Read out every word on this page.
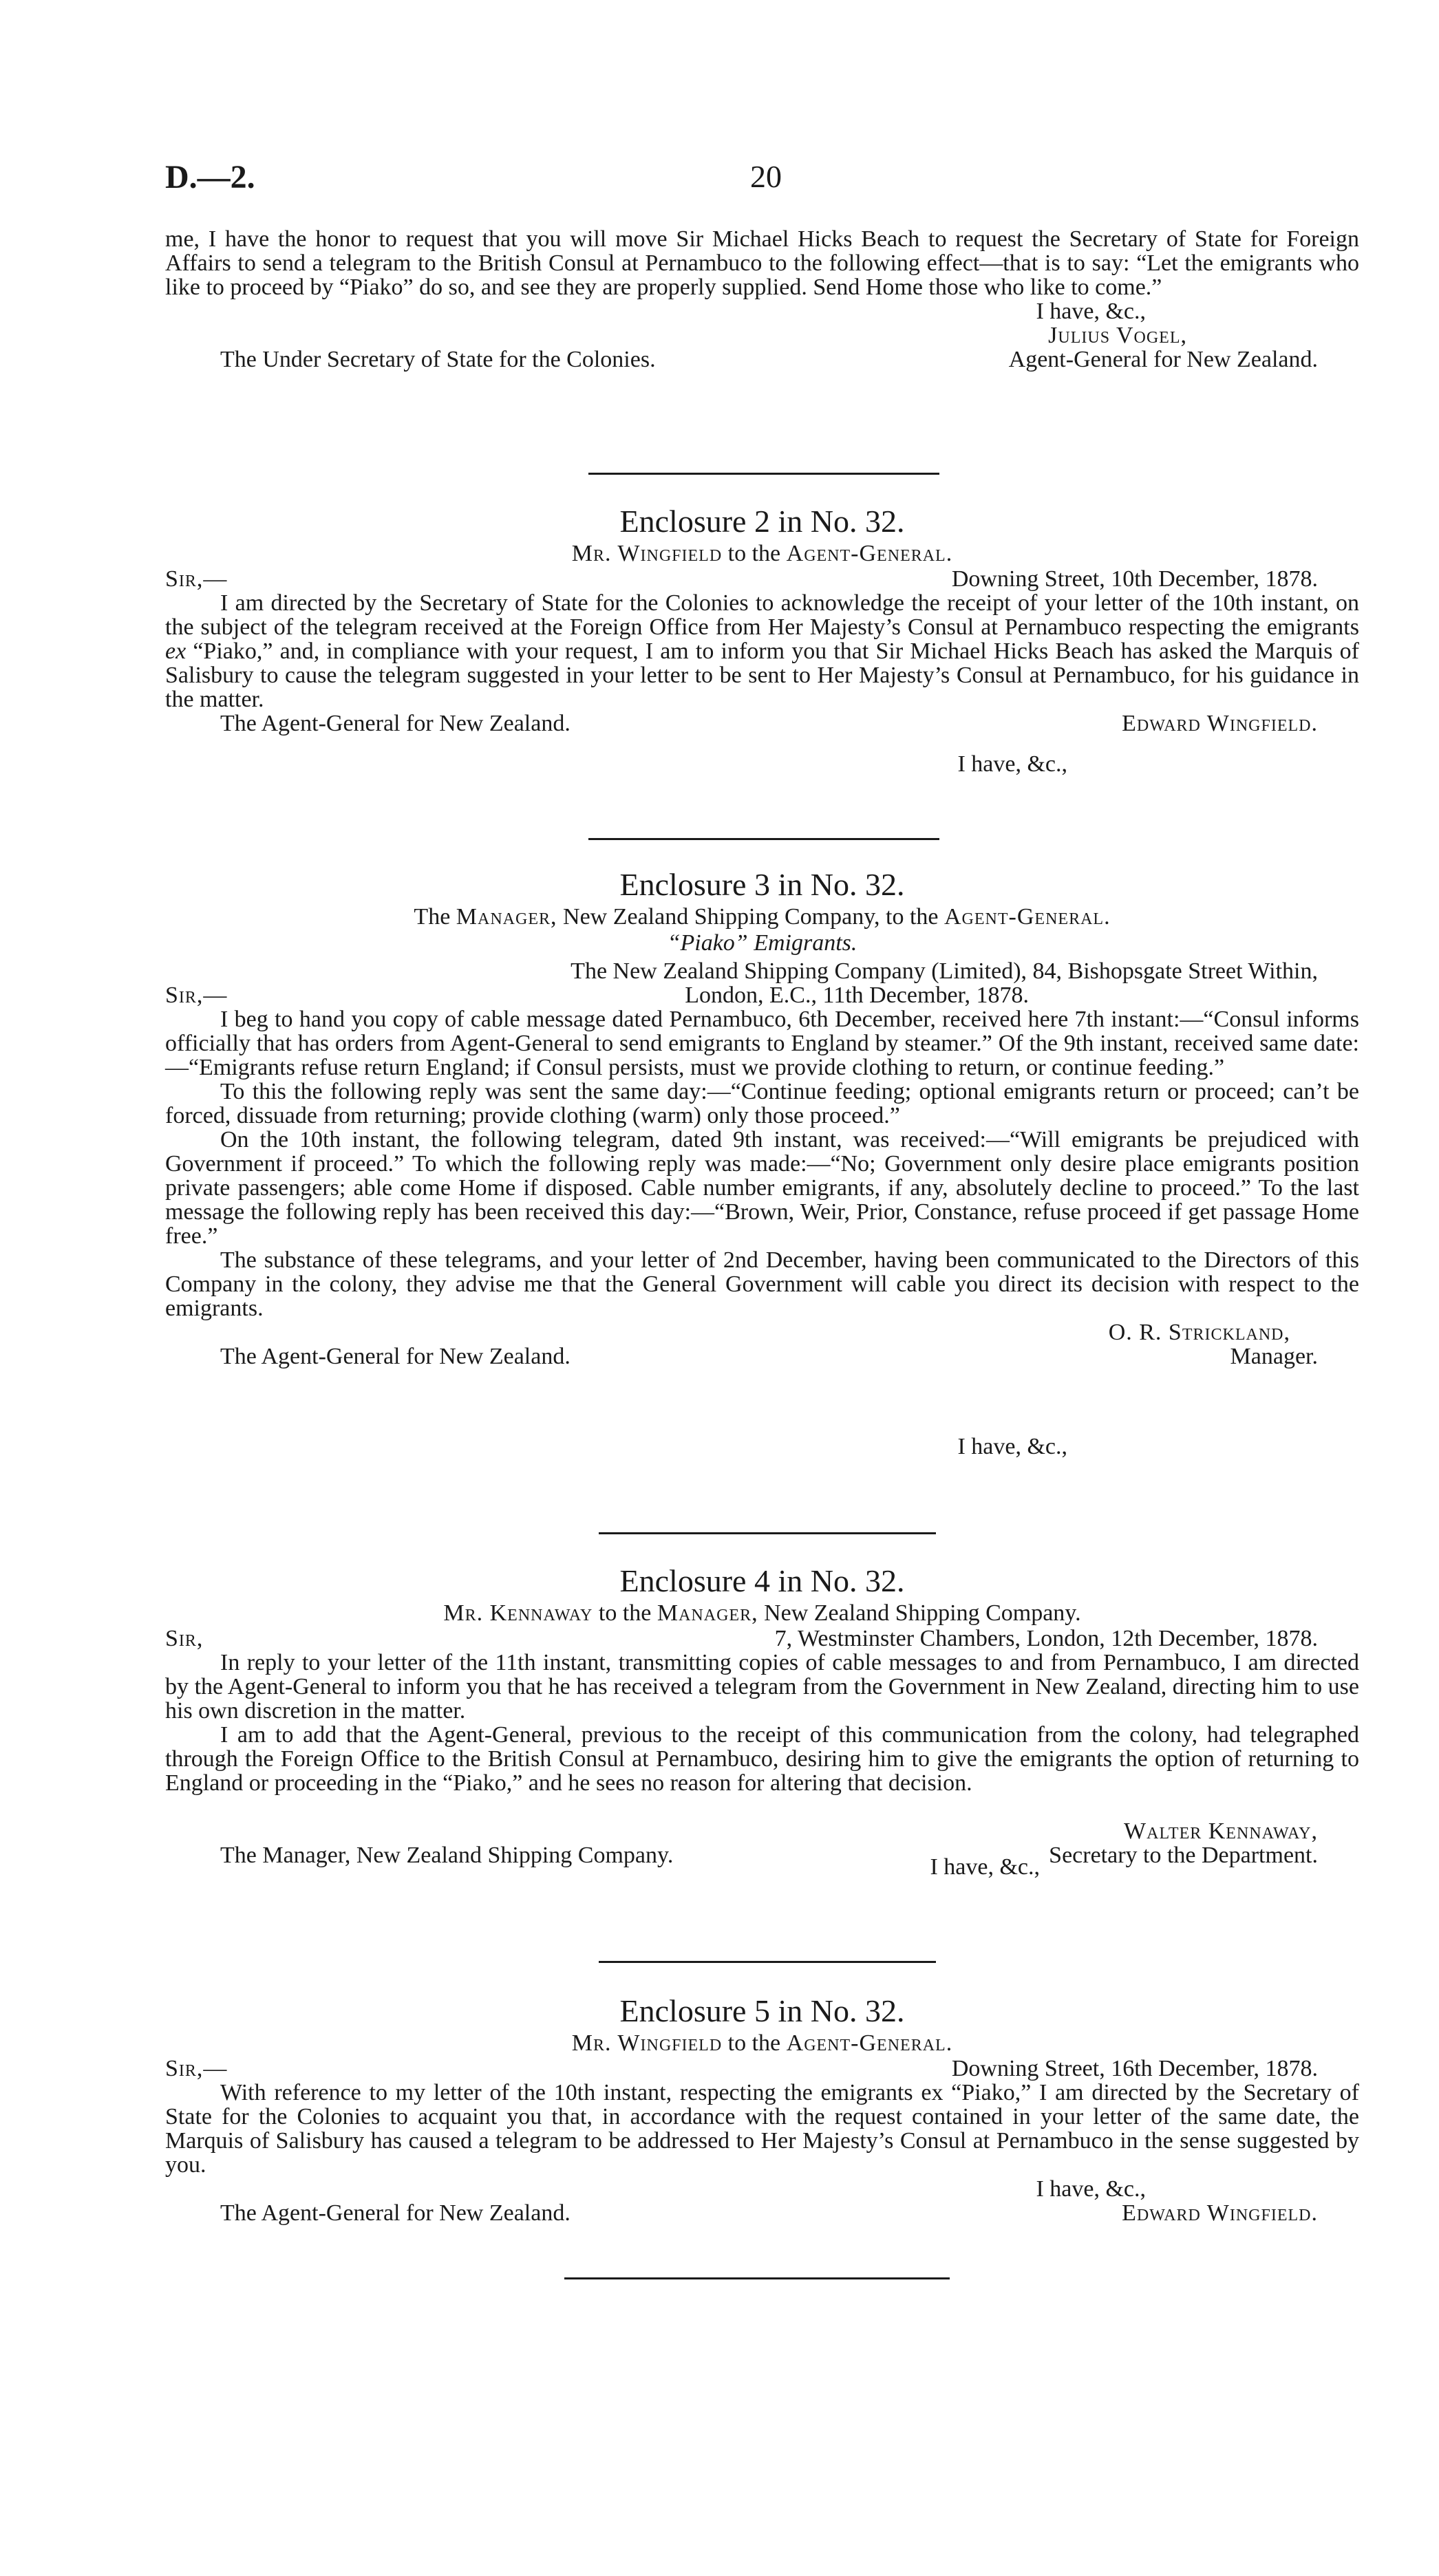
D.—2.	20

me, I have the honor to request that you will move Sir Michael Hicks Beach to request the Secretary of State for Foreign Affairs to send a telegram to the British Consul at Pernambuco to the following effect—that is to say: “Let the emigrants who like to proceed by “Piako” do so, and see they are properly supplied. Send Home those who like to come.”

I have, &c.,
Julius Vogel,
The Under Secretary of State for the Colonies.	Agent-General for New Zealand.
Enclosure 2 in No. 32.
Mr. Wingfield to the Agent-General.
Sir,—	Downing Street, 10th December, 1878.

I am directed by the Secretary of State for the Colonies to acknowledge the receipt of your letter of the 10th instant, on the subject of the telegram received at the Foreign Office from Her Majesty’s Consul at Pernambuco respecting the emigrants ex “Piako,” and, in compliance with your request, I am to inform you that Sir Michael Hicks Beach has asked the Marquis of Salisbury to cause the telegram suggested in your letter to be sent to Her Majesty’s Consul at Pernambuco, for his guidance in the matter.

The Agent-General for New Zealand.	Edward Wingfield.
I have, &c.,
Enclosure 3 in No. 32.
The Manager, New Zealand Shipping Company, to the Agent-General.
“Piako” Emigrants.
The New Zealand Shipping Company (Limited), 84, Bishopsgate Street Within,
Sir,—	London, E.C., 11th December, 1878.

I beg to hand you copy of cable message dated Pernambuco, 6th December, received here 7th instant:—“Consul informs officially that has orders from Agent-General to send emigrants to England by steamer.” Of the 9th instant, received same date:—“Emigrants refuse return England; if Consul persists, must we provide clothing to return, or continue feeding.”

To this the following reply was sent the same day:—“Continue feeding; optional emigrants return or proceed; can’t be forced, dissuade from returning; provide clothing (warm) only those proceed.”

On the 10th instant, the following telegram, dated 9th instant, was received:—“Will emigrants be prejudiced with Government if proceed.” To which the following reply was made:—“No; Government only desire place emigrants position private passengers; able come Home if disposed. Cable number emigrants, if any, absolutely decline to proceed.” To the last message the following reply has been received this day:—“Brown, Weir, Prior, Constance, refuse proceed if get passage Home free.”

The substance of these telegrams, and your letter of 2nd December, having been communicated to the Directors of this Company in the colony, they advise me that the General Government will cable you direct its decision with respect to the emigrants.

O. R. Strickland,
The Agent-General for New Zealand.	Manager.
I have, &c.,
Enclosure 4 in No. 32.
Mr. Kennaway to the Manager, New Zealand Shipping Company.
Sir,	7, Westminster Chambers, London, 12th December, 1878.

In reply to your letter of the 11th instant, transmitting copies of cable messages to and from Pernambuco, I am directed by the Agent-General to inform you that he has received a telegram from the Government in New Zealand, directing him to use his own discretion in the matter.

I am to add that the Agent-General, previous to the receipt of this communication from the colony, had telegraphed through the Foreign Office to the British Consul at Pernambuco, desiring him to give the emigrants the option of returning to England or proceeding in the “Piako,” and he sees no reason for altering that decision.

Walter Kennaway,
The Manager, New Zealand Shipping Company.	Secretary to the Department.
I have, &c.,
Enclosure 5 in No. 32.
Mr. Wingfield to the Agent-General.
Sir,—	Downing Street, 16th December, 1878.

With reference to my letter of the 10th instant, respecting the emigrants ex “Piako,” I am directed by the Secretary of State for the Colonies to acquaint you that, in accordance with the request contained in your letter of the same date, the Marquis of Salisbury has caused a telegram to be addressed to Her Majesty’s Consul at Pernambuco in the sense suggested by you.

I have, &c.,
The Agent-General for New Zealand.	Edward Wingfield.
